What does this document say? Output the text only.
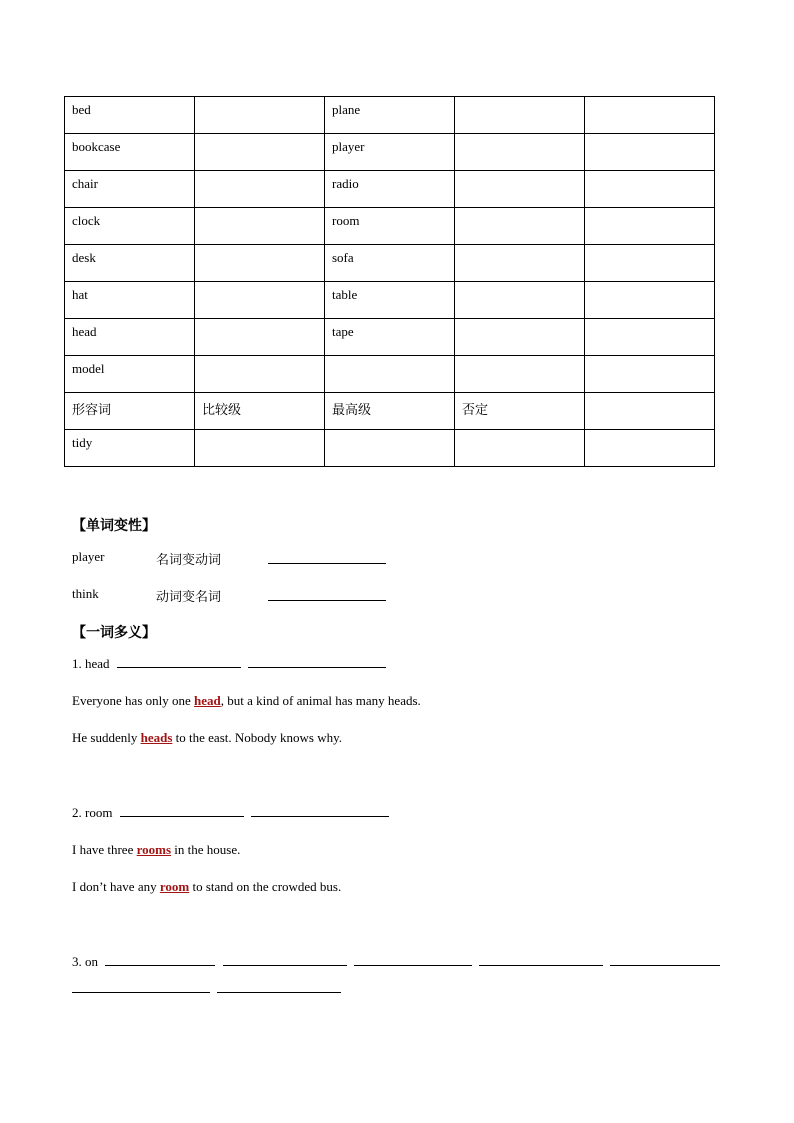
bed		plane		
bookcase		player		
chair		radio		
clock		room		
desk		sofa		
hat		table		
head		tape		
model				
形容词	比较级	最高级	否定	
tidy				
【单词变性】
player	名词变动词
think	动词变名词
【一词多义】
1. head
Everyone has only one head, but a kind of animal has many heads.
He suddenly heads to the east. Nobody knows why.
2. room
I have three rooms in the house.
I don’t have any room to stand on the crowded bus.
3. on
